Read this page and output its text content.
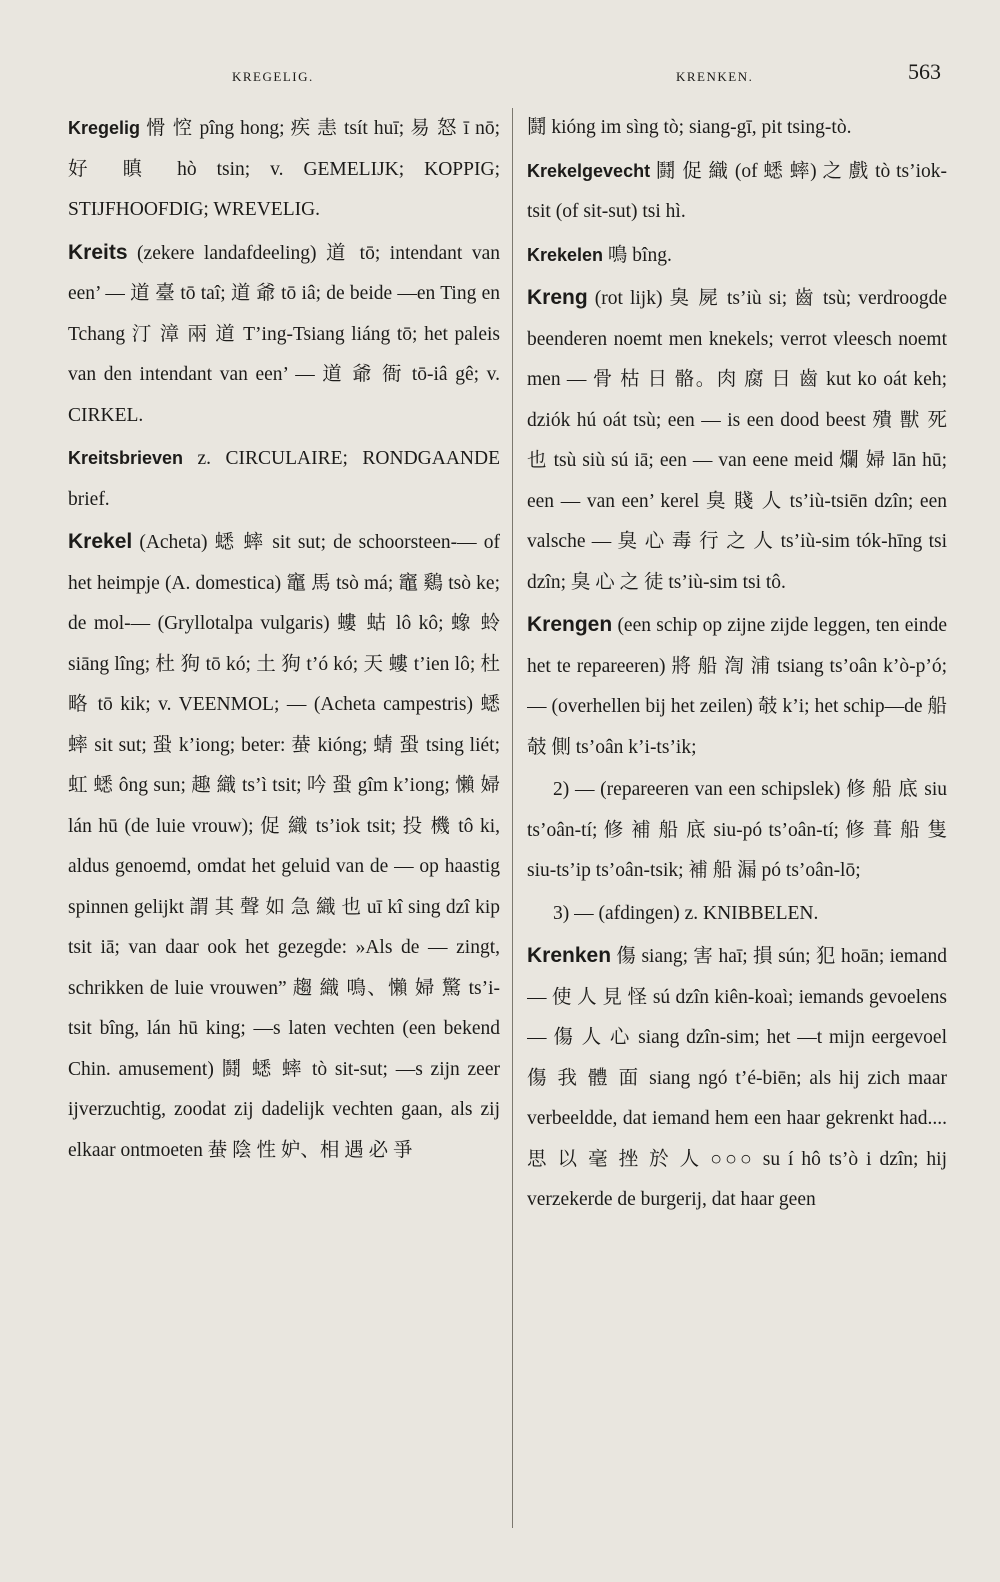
KREGELIG.	KRENKEN.	563

Kregelig 愲 悾 pîng hong; 疾 恚 tsít huī; 易 怒 ī nō; 好 瞋 hò tsin; v. GEMELIJK; KOPPIG; STIJFHOOFDIG; WREVELIG.

Kreits (zekere landafdeeling) 道 tō; intendant van een’ — 道 臺 tō taî; 道 爺 tō iâ; de beide —en Ting en Tchang 汀 漳 兩 道 T’ing-Tsiang liáng tō; het paleis van den intendant van een’ — 道 爺 衙 tō-iâ gê; v. CIRKEL.

Kreitsbrieven z. CIRCULAIRE; RONDGAANDE brief.

Krekel (Acheta) 蟋 蟀 sit sut; de schoorsteen-— of het heimpje (A. domestica) 竈 馬 tsò má; 竈 鷄 tsò ke; de mol-— (Gryllotalpa vulgaris) 螻 蛄 lô kô; 蟓 蛉 siāng lîng; 杜 狗 tō kó; 土 狗 t’ó kó; 天 螻 t’ien lô; 杜 略 tō kik; v. VEENMOL; — (Acheta campestris) 蟋 蟀 sit sut; 蛩 k’iong; beter: 蛬 kióng; 蜻 蛩 tsing liét; 虹 蟋 ông sun; 趣 織 ts’ì tsit; 吟 蛩 gîm k’iong; 懶 婦 lán hū (de luie vrouw); 促 織 ts’iok tsit; 投 機 tô ki, aldus genoemd, omdat het geluid van de — op haastig spinnen gelijkt 謂 其 聲 如 急 織 也 uī kî sing dzî kip tsit iā; van daar ook het gezegde: »Als de — zingt, schrikken de luie vrouwen” 趨 織 鳴、懶 婦 驚 ts’i-tsit bîng, lán hū king; —s laten vechten (een bekend Chin. amusement) 鬪 蟋 蟀 tò sit-sut; —s zijn zeer ijverzuchtig, zoodat zij dadelijk vechten gaan, als zij elkaar ontmoeten 蛬 陰 性 妒、相 遇 必 爭

鬪 kióng im sìng tò; siang-gī, pit tsing-tò.

Krekelgevecht 鬪 促 織 (of 蟋 蟀) 之 戲 tò ts’iok-tsit (of sit-sut) tsi hì.

Krekelen 鳴 bîng.

Kreng (rot lijk) 臭 屍 ts’iù si; 齒 tsù; verdroogde beenderen noemt men knekels; verrot vleesch noemt men — 骨 枯 日 骼。肉 腐 日 齒 kut ko oát keh; dziók hú oát tsù; een — is een dood beest 殨 獸 死 也 tsù siù sú iā; een — van eene meid 爛 婦 lān hū; een — van een’ kerel 臭 賤 人 ts’iù-tsiēn dzîn; een valsche — 臭 心 毒 行 之 人 ts’iù-sim tók-hīng tsi dzîn; 臭 心 之 徒 ts’iù-sim tsi tô.

Krengen (een schip op zijne zijde leggen, ten einde het te repareeren) 將 船 渹 浦 tsiang ts’oân k’ò-p’ó; — (overhellen bij het zeilen) 攲 k’i; het schip—de 船 攲 側 ts’oân k’i-ts’ik;

2) — (repareeren van een schipslek) 修 船 底 siu ts’oân-tí; 修 補 船 底 siu-pó ts’oân-tí; 修 葺 船 隻 siu-ts’ip ts’oân-tsik; 補 船 漏 pó ts’oân-lō;

3) — (afdingen) z. KNIBBELEN.

Krenken 傷 siang; 害 haī; 損 sún; 犯 hoān; iemand — 使 人 見 怪 sú dzîn kiên-koaì; iemands gevoelens — 傷 人 心 siang dzîn-sim; het —t mijn eergevoel 傷 我 體 面 siang ngó t’é-biēn; als hij zich maar verbeeldde, dat iemand hem een haar gekrenkt had.... 思 以 毫 挫 於 人 ○○○ su í hô ts’ò i dzîn; hij verzekerde de burgerij, dat haar geen
